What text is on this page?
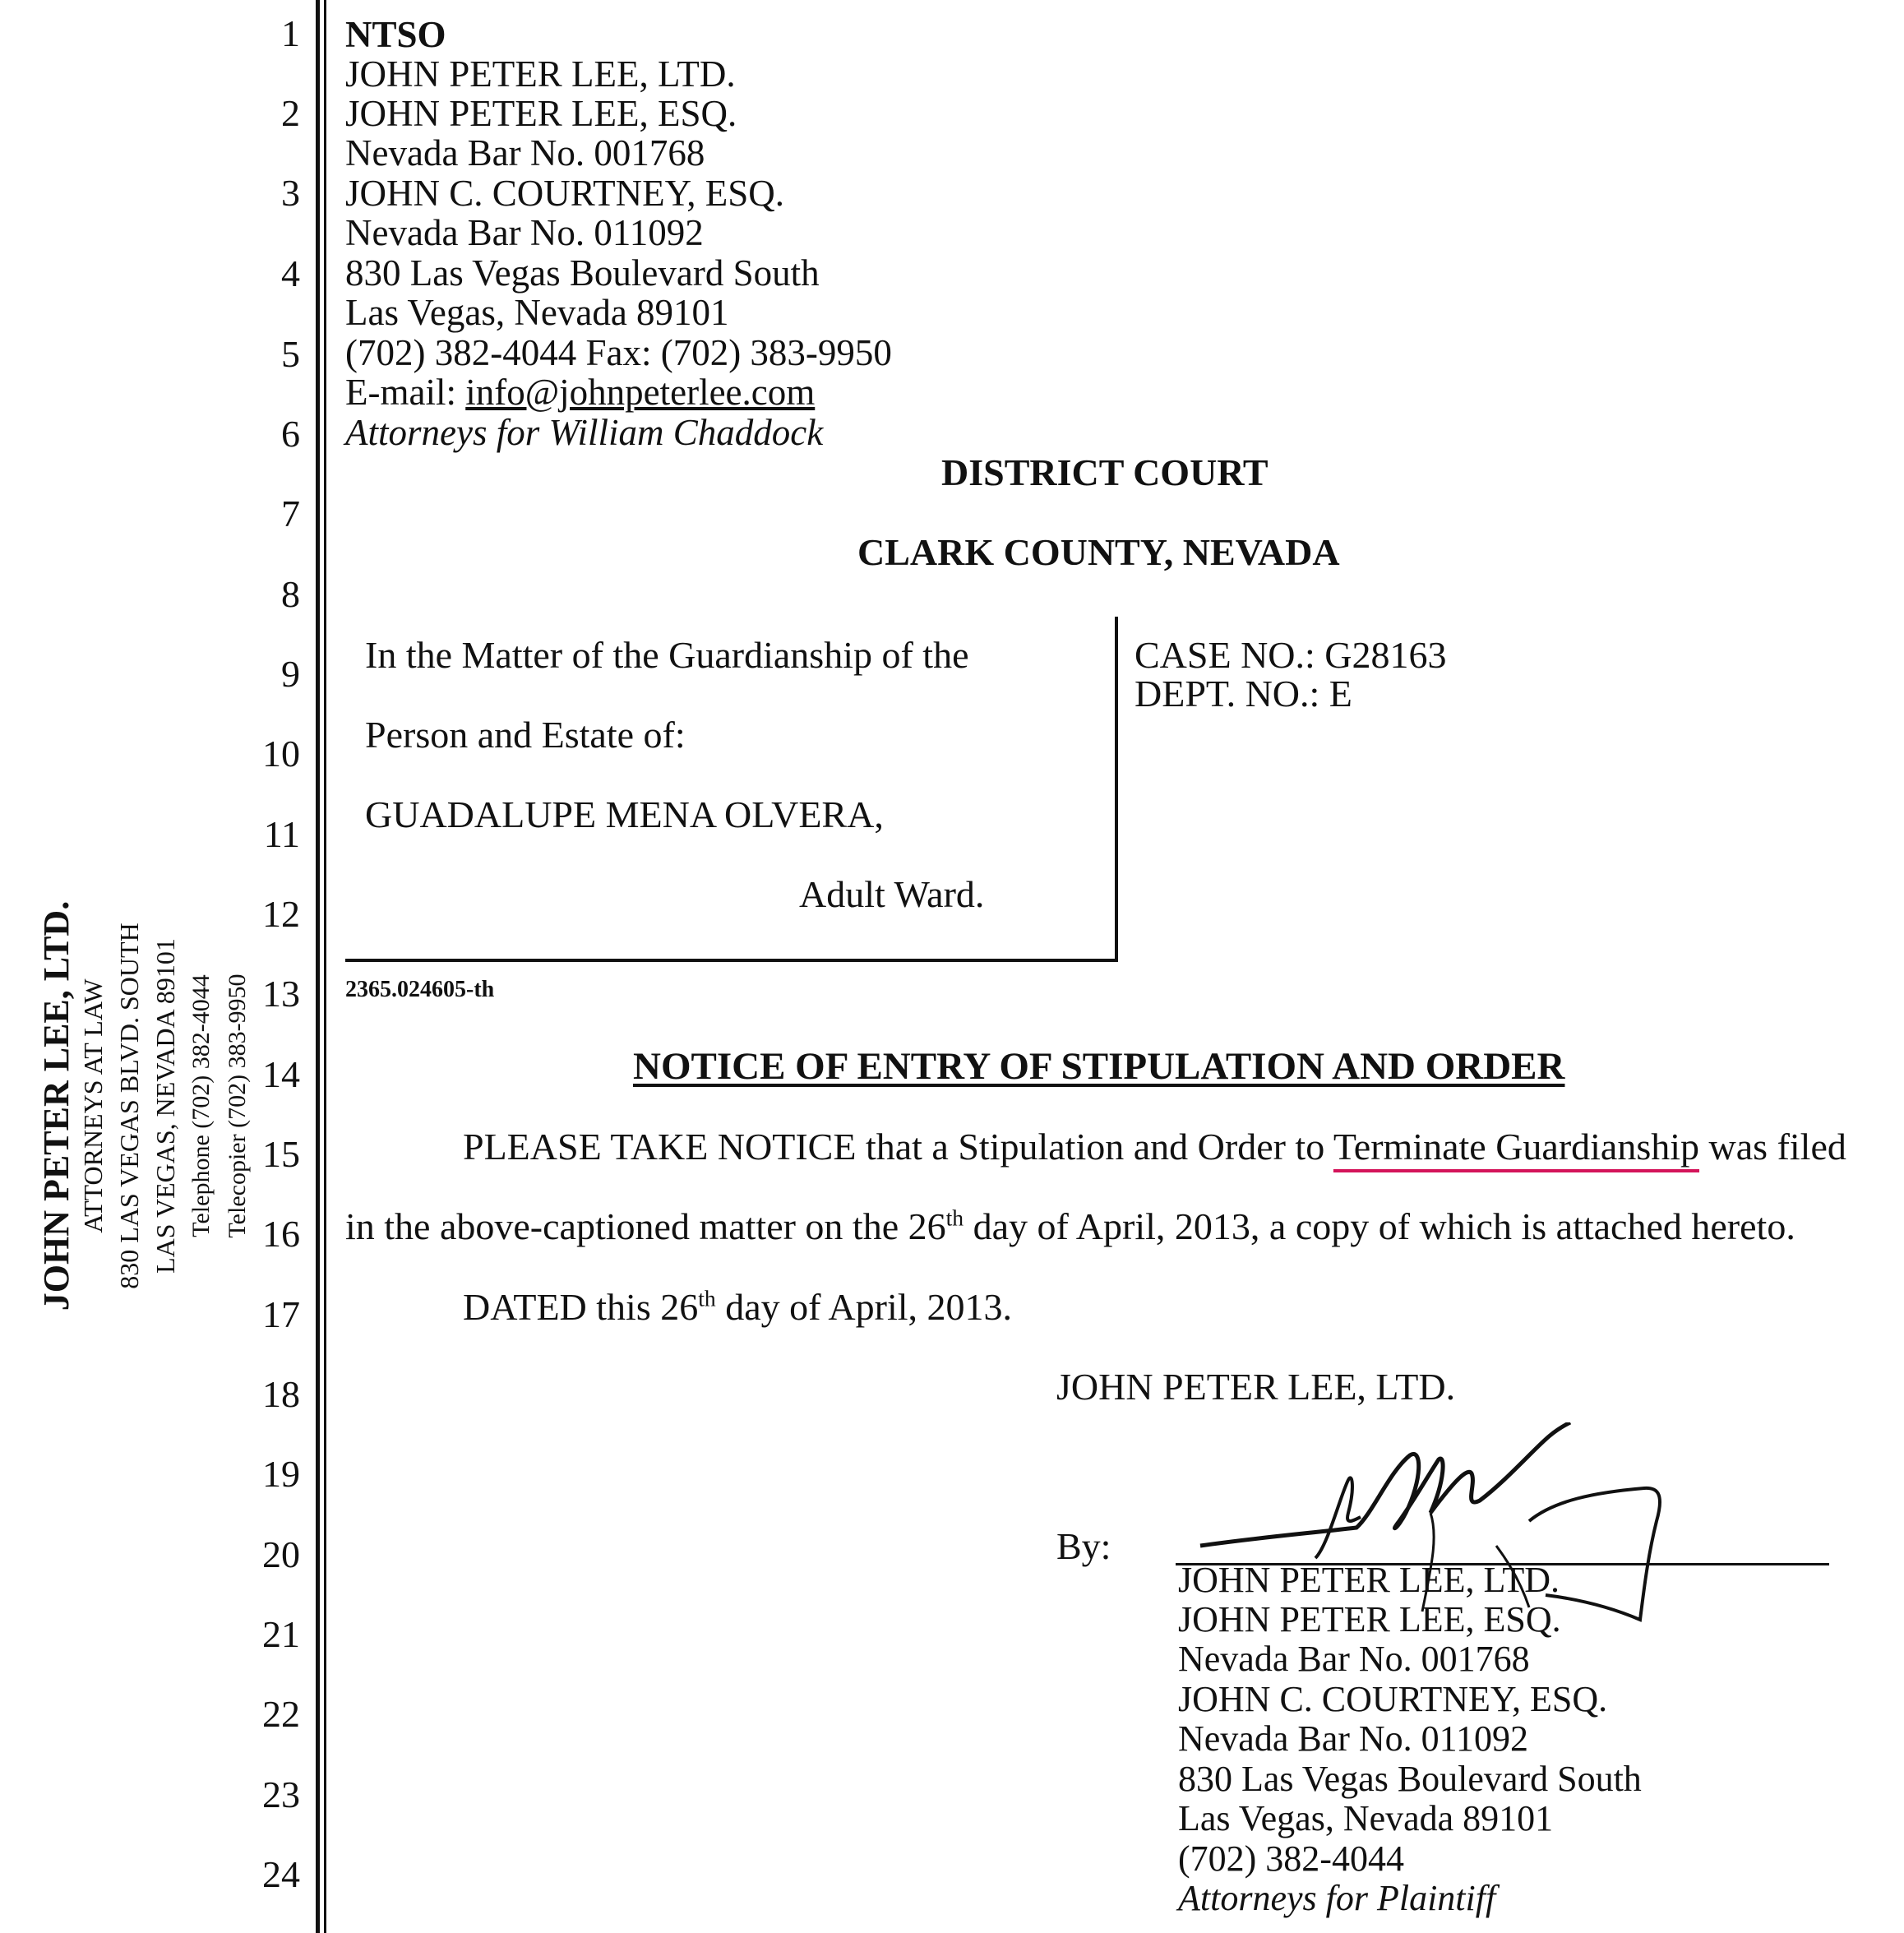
1
2
3
4
5
6
7
8
9
10
11
12
13
14
15
16
17
18
19
20
21
22
23
24
JOHN PETER LEE, LTD. ATTORNEYS AT LAW 830 LAS VEGAS BLVD. SOUTH LAS VEGAS, NEVADA 89101 Telephone (702) 382-4044 Telecopier (702) 383-9950
NTSO
JOHN PETER LEE, LTD.
JOHN PETER LEE, ESQ.
Nevada Bar No. 001768
JOHN C. COURTNEY, ESQ.
Nevada Bar No. 011092
830 Las Vegas Boulevard South
Las Vegas, Nevada 89101
(702) 382-4044 Fax: (702) 383-9950
E-mail: info@johnpeterlee.com
Attorneys for William Chaddock
DISTRICT COURT
CLARK COUNTY, NEVADA
In the Matter of the Guardianship of the
Person and Estate of:
GUADALUPE MENA OLVERA,
Adult Ward.
CASE NO.: G28163
DEPT. NO.: E
2365.024605-th
NOTICE OF ENTRY OF STIPULATION AND ORDER
PLEASE TAKE NOTICE that a Stipulation and Order to Terminate Guardianship was filed
in the above-captioned matter on the 26th day of April, 2013, a copy of which is attached hereto.
DATED this 26th day of April, 2013.
JOHN PETER LEE, LTD.
By:
JOHN PETER LEE, LTD.
JOHN PETER LEE, ESQ.
Nevada Bar No. 001768
JOHN C. COURTNEY, ESQ.
Nevada Bar No. 011092
830 Las Vegas Boulevard South
Las Vegas, Nevada 89101
(702) 382-4044
Attorneys for Plaintiff
